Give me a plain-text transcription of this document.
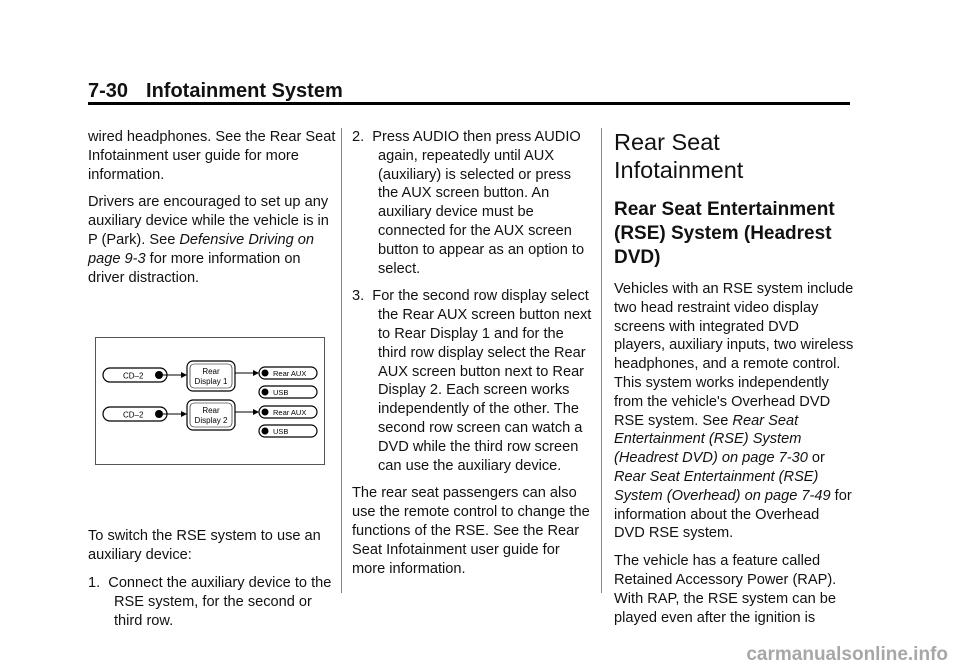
7-30 Infotainment System

wired headphones. See the Rear Seat Infotainment user guide for more information.

Drivers are encouraged to set up any auxiliary device while the vehicle is in P (Park). See Defensive Driving on page 9-3 for more information on driver distraction.

CD–2
CD–2
Rear
Display 1
Rear
Display 2
Rear AUX
USB
Rear AUX
USB

To switch the RSE system to use an auxiliary device:

1. Connect the auxiliary device to the RSE system, for the second or third row.
2. Press AUDIO then press AUDIO again, repeatedly until AUX (auxiliary) is selected or press the AUX screen button. An auxiliary device must be connected for the AUX screen button to appear as an option to select.
3. For the second row display select the Rear AUX screen button next to Rear Display 1 and for the third row display select the Rear AUX screen button next to Rear Display 2. Each screen works independently of the other. The second row screen can watch a DVD while the third row screen can use the auxiliary device.

The rear seat passengers can also use the remote control to change the functions of the RSE. See the Rear Seat Infotainment user guide for more information.

Rear Seat Infotainment
Rear Seat Entertainment (RSE) System (Headrest DVD)

Vehicles with an RSE system include two head restraint video display screens with integrated DVD players, auxiliary inputs, two wireless headphones, and a remote control. This system works independently from the vehicle's Overhead DVD RSE system. See Rear Seat Entertainment (RSE) System (Headrest DVD) on page 7-30 or Rear Seat Entertainment (RSE) System (Overhead) on page 7-49 for information about the Overhead DVD RSE system.

The vehicle has a feature called Retained Accessory Power (RAP). With RAP, the RSE system can be played even after the ignition is

carmanualsonline.info
